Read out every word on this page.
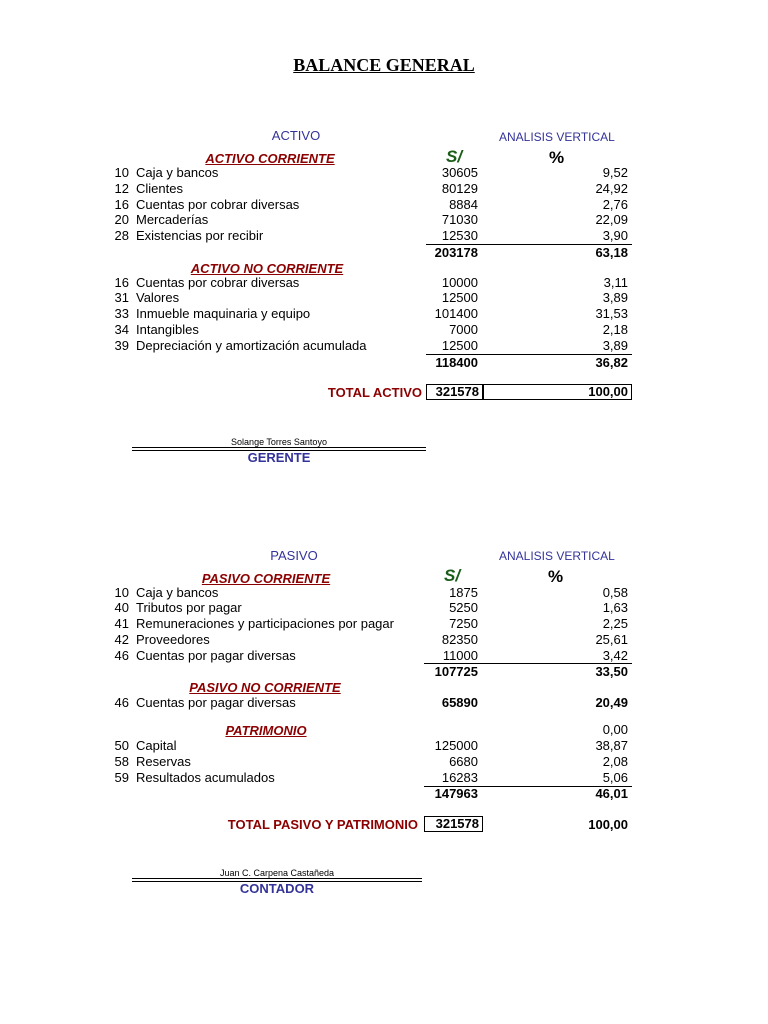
BALANCE GENERAL
ACTIVO	ANALISIS VERTICAL
S/	%
ACTIVO CORRIENTE
10 Caja y bancos	30605	9,52
12 Clientes	80129	24,92
16 Cuentas por cobrar diversas	8884	2,76
20 Mercaderías	71030	22,09
28 Existencias por recibir	12530	3,90
203178	63,18
ACTIVO NO CORRIENTE
16 Cuentas por cobrar diversas	10000	3,11
31 Valores	12500	3,89
33 Inmueble maquinaria y equipo	101400	31,53
34 Intangibles	7000	2,18
39 Depreciación y amortización acumulada	12500	3,89
118400	36,82
TOTAL ACTIVO	321578	100,00
Solange Torres Santoyo
GERENTE
PASIVO	ANALISIS VERTICAL
S/	%
PASIVO CORRIENTE
10 Caja y bancos	1875	0,58
40 Tributos por pagar	5250	1,63
41 Remuneraciones y participaciones por pagar	7250	2,25
42 Proveedores	82350	25,61
46 Cuentas por pagar diversas	11000	3,42
107725	33,50
PASIVO NO CORRIENTE
46 Cuentas por pagar diversas	65890	20,49
PATRIMONIO	0,00
50 Capital	125000	38,87
58 Reservas	6680	2,08
59 Resultados acumulados	16283	5,06
147963	46,01
TOTAL PASIVO Y PATRIMONIO	321578	100,00
Juan C. Carpena Castañeda
CONTADOR
